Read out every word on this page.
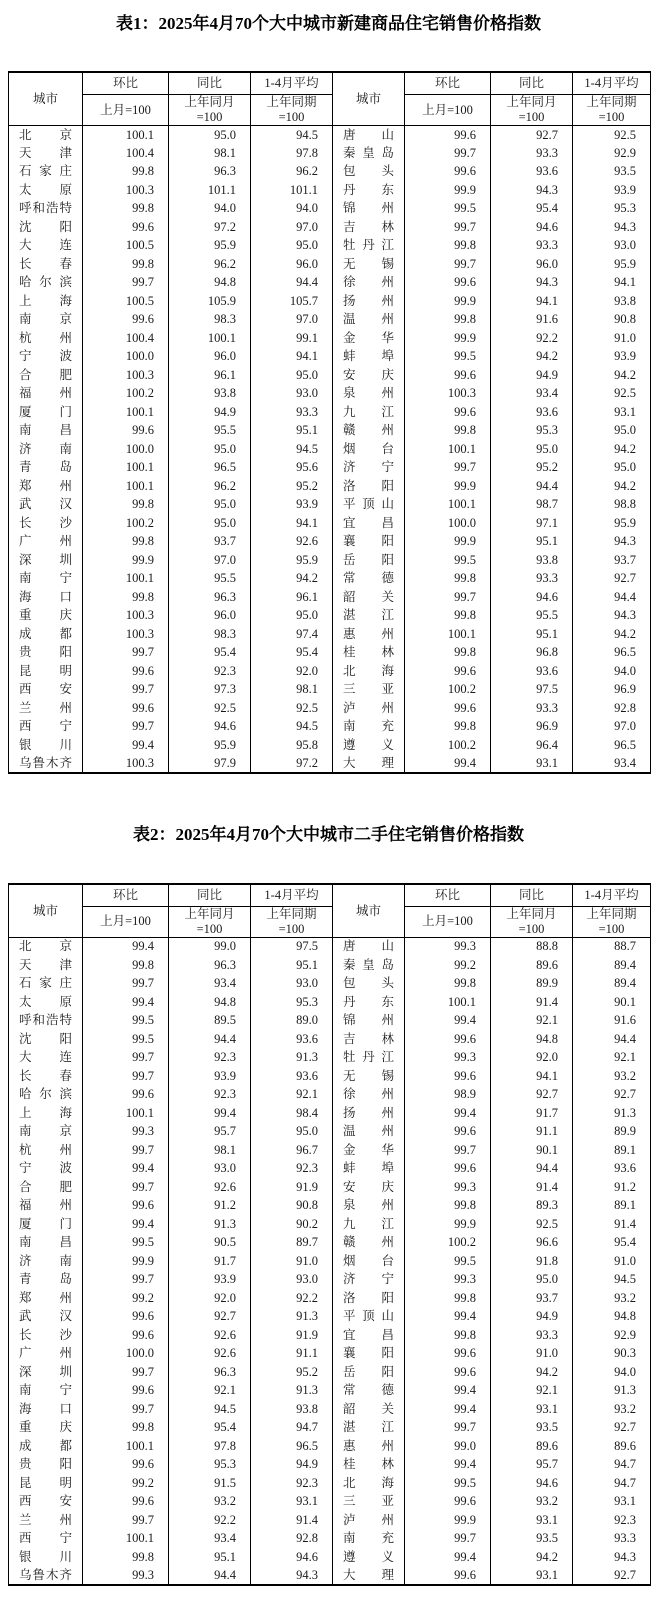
表1：2025年4月70个大中城市新建商品住宅销售价格指数
城市	环比	同比	1-4月平均	城市	环比	同比	1-4月平均
	上月=100	上年同月
=100	上年同期
=100		上月=100	上年同月
=100	上年同期
=100

北 京	100.1	95.0	94.5	唐 山	99.6	92.7	92.5

天 津	100.4	98.1	97.8	秦 皇 岛	99.7	93.3	92.9

石 家 庄	99.8	96.3	96.2	包 头	99.6	93.6	93.5

太 原	100.3	101.1	101.1	丹 东	99.9	94.3	93.9

呼 和 浩 特	99.8	94.0	94.0	锦 州	99.5	95.4	95.3

沈 阳	99.6	97.2	97.0	吉 林	99.7	94.6	94.3

大 连	100.5	95.9	95.0	牡 丹 江	99.8	93.3	93.0

长 春	99.8	96.2	96.0	无 锡	99.7	96.0	95.9

哈 尔 滨	99.7	94.8	94.4	徐 州	99.6	94.3	94.1

上 海	100.5	105.9	105.7	扬 州	99.9	94.1	93.8

南 京	99.6	98.3	97.0	温 州	99.8	91.6	90.8

杭 州	100.4	100.1	99.1	金 华	99.9	92.2	91.0

宁 波	100.0	96.0	94.1	蚌 埠	99.5	94.2	93.9

合 肥	100.3	96.1	95.0	安 庆	99.6	94.9	94.2

福 州	100.2	93.8	93.0	泉 州	100.3	93.4	92.5

厦 门	100.1	94.9	93.3	九 江	99.6	93.6	93.1

南 昌	99.6	95.5	95.1	赣 州	99.8	95.3	95.0

济 南	100.0	95.0	94.5	烟 台	100.1	95.0	94.2

青 岛	100.1	96.5	95.6	济 宁	99.7	95.2	95.0

郑 州	100.1	96.2	95.2	洛 阳	99.9	94.4	94.2

武 汉	99.8	95.0	93.9	平 顶 山	100.1	98.7	98.8

长 沙	100.2	95.0	94.1	宜 昌	100.0	97.1	95.9

广 州	99.8	93.7	92.6	襄 阳	99.9	95.1	94.3

深 圳	99.9	97.0	95.9	岳 阳	99.5	93.8	93.7

南 宁	100.1	95.5	94.2	常 德	99.8	93.3	92.7

海 口	99.8	96.3	96.1	韶 关	99.7	94.6	94.4

重 庆	100.3	96.0	95.0	湛 江	99.8	95.5	94.3

成 都	100.3	98.3	97.4	惠 州	100.1	95.1	94.2

贵 阳	99.7	95.4	95.4	桂 林	99.8	96.8	96.5

昆 明	99.6	92.3	92.0	北 海	99.6	93.6	94.0

西 安	99.7	97.3	98.1	三 亚	100.2	97.5	96.9

兰 州	99.6	92.5	92.5	泸 州	99.6	93.3	92.8

西 宁	99.7	94.6	94.5	南 充	99.8	96.9	97.0

银 川	99.4	95.9	95.8	遵 义	100.2	96.4	96.5

乌 鲁 木 齐	100.3	97.9	97.2	大 理	99.4	93.1	93.4
表2：2025年4月70个大中城市二手住宅销售价格指数
城市	环比	同比	1-4月平均	城市	环比	同比	1-4月平均
	上月=100	上年同月
=100	上年同期
=100		上月=100	上年同月
=100	上年同期
=100

北 京	99.4	99.0	97.5	唐 山	99.3	88.8	88.7

天 津	99.8	96.3	95.1	秦 皇 岛	99.2	89.6	89.4

石 家 庄	99.7	93.4	93.0	包 头	99.8	89.9	89.4

太 原	99.4	94.8	95.3	丹 东	100.1	91.4	90.1

呼 和 浩 特	99.5	89.5	89.0	锦 州	99.4	92.1	91.6

沈 阳	99.5	94.4	93.6	吉 林	99.6	94.8	94.4

大 连	99.7	92.3	91.3	牡 丹 江	99.3	92.0	92.1

长 春	99.7	93.9	93.6	无 锡	99.6	94.1	93.2

哈 尔 滨	99.6	92.3	92.1	徐 州	98.9	92.7	92.7

上 海	100.1	99.4	98.4	扬 州	99.4	91.7	91.3

南 京	99.3	95.7	95.0	温 州	99.6	91.1	89.9

杭 州	99.7	98.1	96.7	金 华	99.7	90.1	89.1

宁 波	99.4	93.0	92.3	蚌 埠	99.6	94.4	93.6

合 肥	99.7	92.6	91.9	安 庆	99.3	91.4	91.2

福 州	99.6	91.2	90.8	泉 州	99.8	89.3	89.1

厦 门	99.4	91.3	90.2	九 江	99.9	92.5	91.4

南 昌	99.5	90.5	89.7	赣 州	100.2	96.6	95.4

济 南	99.9	91.7	91.0	烟 台	99.5	91.8	91.0

青 岛	99.7	93.9	93.0	济 宁	99.3	95.0	94.5

郑 州	99.2	92.0	92.2	洛 阳	99.8	93.7	93.2

武 汉	99.6	92.7	91.3	平 顶 山	99.4	94.9	94.8

长 沙	99.6	92.6	91.9	宜 昌	99.8	93.3	92.9

广 州	100.0	92.6	91.1	襄 阳	99.6	91.0	90.3

深 圳	99.7	96.3	95.2	岳 阳	99.6	94.2	94.0

南 宁	99.6	92.1	91.3	常 德	99.4	92.1	91.3

海 口	99.7	94.5	93.8	韶 关	99.4	93.1	93.2

重 庆	99.8	95.4	94.7	湛 江	99.7	93.5	92.7

成 都	100.1	97.8	96.5	惠 州	99.0	89.6	89.6

贵 阳	99.6	95.3	94.9	桂 林	99.4	95.7	94.7

昆 明	99.2	91.5	92.3	北 海	99.5	94.6	94.7

西 安	99.6	93.2	93.1	三 亚	99.6	93.2	93.1

兰 州	99.7	92.2	91.4	泸 州	99.9	93.1	92.3

西 宁	100.1	93.4	92.8	南 充	99.7	93.5	93.3

银 川	99.8	95.1	94.6	遵 义	99.4	94.2	94.3

乌 鲁 木 齐	99.3	94.4	94.3	大 理	99.6	93.1	92.7
